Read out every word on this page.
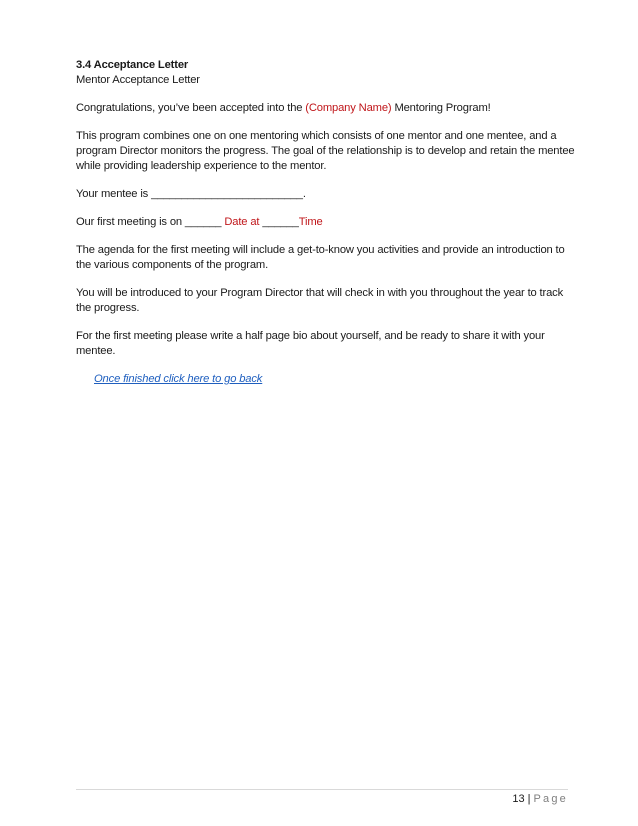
3.4 Acceptance Letter
Mentor Acceptance Letter

Congratulations, you’ve been accepted into the (Company Name) Mentoring Program!

This program combines one on one mentoring which consists of one mentor and one mentee, and a program Director monitors the progress. The goal of the relationship is to develop and retain the mentee while providing leadership experience to the mentor.

Your mentee is _________________________.

Our first meeting is on ______ Date at ______Time

The agenda for the first meeting will include a get-to-know you activities and provide an introduction to the various components of the program.

You will be introduced to your Program Director that will check in with you throughout the year to track the progress.

For the first meeting please write a half page bio about yourself, and be ready to share it with your mentee.

Once finished click here to go back
13 | Page
